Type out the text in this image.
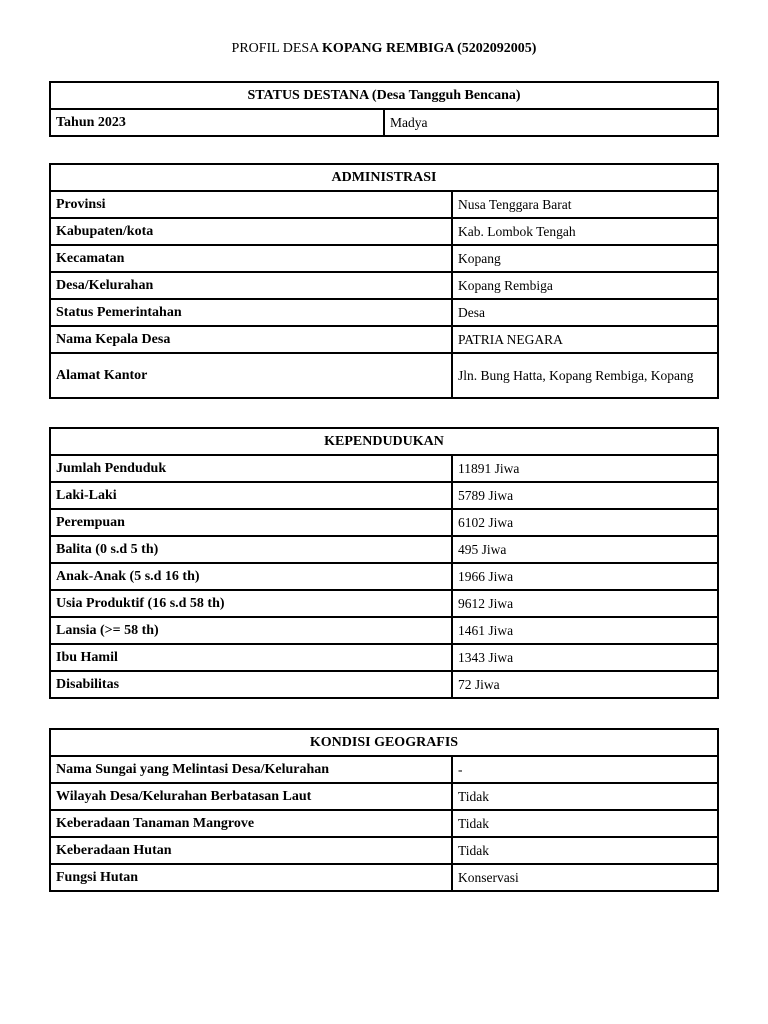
PROFIL DESA KOPANG REMBIGA (5202092005)
STATUS DESTANA (Desa Tangguh Bencana)
Tahun 2023	Madya
ADMINISTRASI	
Provinsi	Nusa Tenggara Barat
Kabupaten/kota	Kab. Lombok Tengah
Kecamatan	Kopang
Desa/Kelurahan	Kopang Rembiga
Status Pemerintahan	Desa
Nama Kepala Desa	PATRIA NEGARA
Alamat Kantor	Jln. Bung Hatta, Kopang Rembiga, Kopang
KEPENDUDUKAN	
Jumlah Penduduk	11891 Jiwa
Laki-Laki	5789 Jiwa
Perempuan	6102 Jiwa
Balita (0 s.d 5 th)	495 Jiwa
Anak-Anak (5 s.d 16 th)	1966 Jiwa
Usia Produktif (16 s.d 58 th)	9612 Jiwa
Lansia (>= 58 th)	1461 Jiwa
Ibu Hamil	1343 Jiwa
Disabilitas	72 Jiwa
KONDISI GEOGRAFIS	
Nama Sungai yang Melintasi Desa/Kelurahan	-
Wilayah Desa/Kelurahan Berbatasan Laut	Tidak
Keberadaan Tanaman Mangrove	Tidak
Keberadaan Hutan	Tidak
Fungsi Hutan	Konservasi
